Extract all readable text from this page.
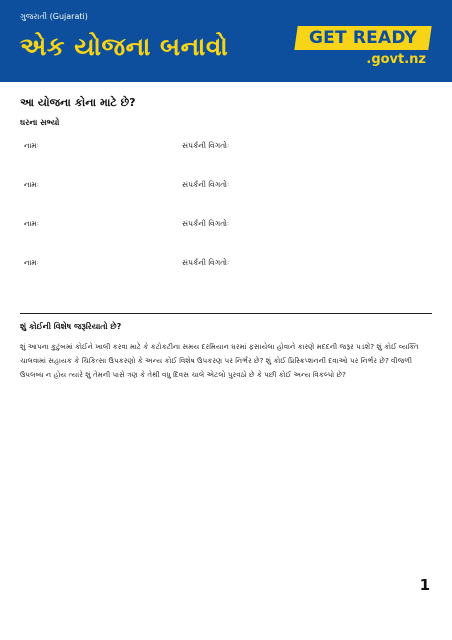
ગુજરાતી (Gujarati)
એક યોજના બનાવો	GET READY
.govt.nz
આ યોજના કોના માટે છે?
ઘરના સભ્યો
નામઃ	સંપર્કની વિગતોઃ
નામઃ	સંપર્કની વિગતોઃ
નામઃ	સંપર્કની વિગતોઃ
નામઃ	સંપર્કની વિગતોઃ
શું કોઈની વિશેષ જરૂરિયાતો છે?
શું આપના કુટુંબમાં કોઈને ખાલી કરવા માટે કે કટોકટીના સમય દરમિયાન ઘરમાં ફસાયેલા હોવાને કારણે મદદની જરૂર પડશે? શું કોઈ વ્યક્તિ ચાલવામાં સહાયક કે ચિકિત્સા ઉપકરણો કે અન્ય કોઈ વિશેષ ઉપકરણ પર નિર્ભર છે? શું કોઈ પ્રિસ્ક્રિપ્શનની દવાઓ પર નિર્ભર છે? વીજળી ઉપલબ્ધ ન હોય ત્યારે શું તેમની પાસે ત્રણ કે તેથી વધુ દિવસ ચાલે એટલો પુરવઠો છે કે પછી કોઈ અન્ય વિકલ્પો છે?
1
